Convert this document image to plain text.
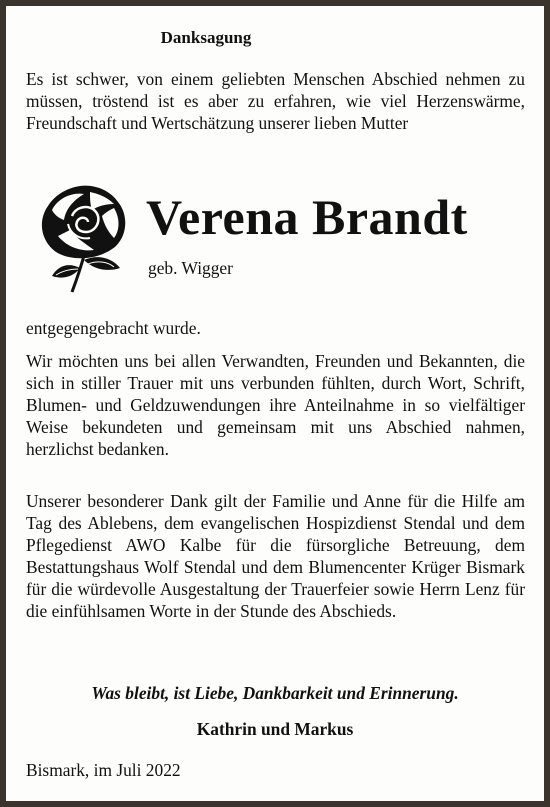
Danksagung

Es ist schwer, von einem geliebten Menschen Abschied nehmen zu müssen, tröstend ist es aber zu erfahren, wie viel Herzenswärme, Freundschaft und Wertschätzung unserer lieben Mutter

Verena Brandt
geb. Wigger

entgegengebracht wurde.

Wir möchten uns bei allen Verwandten, Freunden und Bekannten, die sich in stiller Trauer mit uns verbunden fühlten, durch Wort, Schrift, Blumen- und Geldzuwendungen ihre Anteilnahme in so vielfältiger Weise bekundeten und gemeinsam mit uns Abschied nahmen, herzlichst bedanken.

Unserer besonderer Dank gilt der Familie und Anne für die Hilfe am Tag des Ablebens, dem evangelischen Hospizdienst Stendal und dem Pflegedienst AWO Kalbe für die fürsorgliche Betreuung, dem Bestattungshaus Wolf Stendal und dem Blumencenter Krüger Bismark für die würdevolle Ausgestaltung der Trauerfeier sowie Herrn Lenz für die einfühlsamen Worte in der Stunde des Abschieds.

Was bleibt, ist Liebe, Dankbarkeit und Erinnerung.
Kathrin und Markus
Bismark, im Juli 2022
